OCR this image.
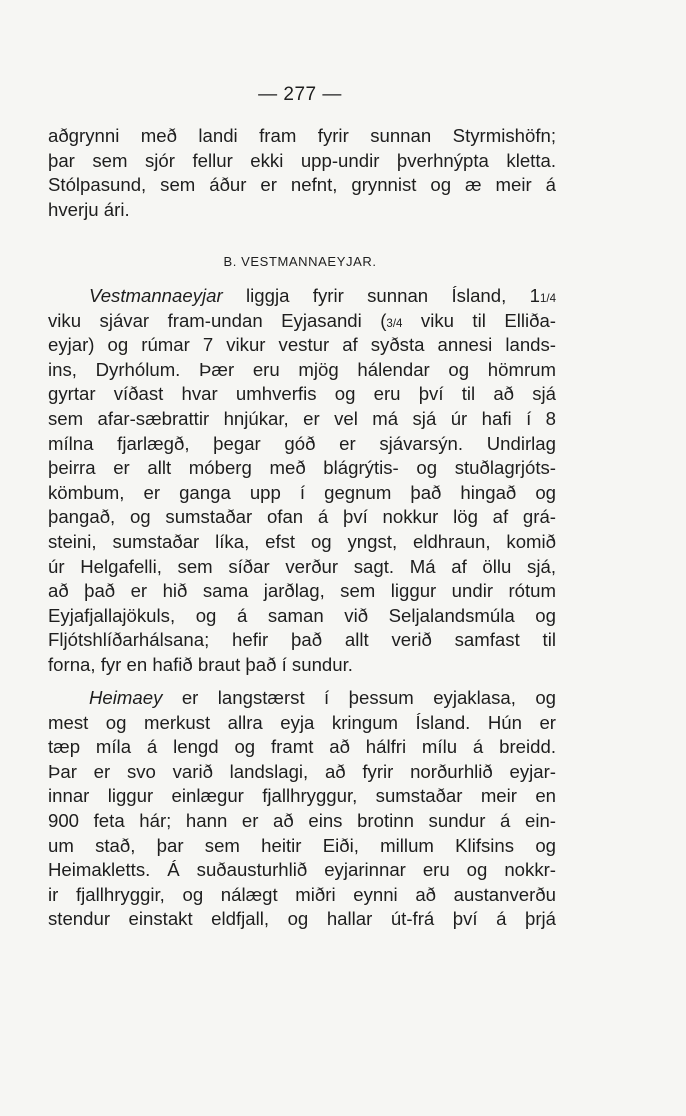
— 277 —
aðgrynni með landi fram fyrir sunnan Styrmishöfn;
þar sem sjór fellur ekki upp-undir þverhnýpta kletta.
Stólpasund, sem áður er nefnt, grynnist og æ meir á
hverju ári.
B. VESTMANNAEYJAR.
Vestmannaeyjar liggja fyrir sunnan Ísland, 11/4
viku sjávar fram-undan Eyjasandi (3/4 viku til Elliða-
eyjar) og rúmar 7 vikur vestur af syðsta annesi lands-
ins, Dyrhólum. Þær eru mjög hálendar og hömrum
gyrtar víðast hvar umhverfis og eru því til að sjá
sem afar-sæbrattir hnjúkar, er vel má sjá úr hafi í 8
mílna fjarlægð, þegar góð er sjávarsýn. Undirlag
þeirra er allt móberg með blágrýtis- og stuðlagrjóts-
kömbum, er ganga upp í gegnum það hingað og
þangað, og sumstaðar ofan á því nokkur lög af grá-
steini, sumstaðar líka, efst og yngst, eldhraun, komið
úr Helgafelli, sem síðar verður sagt. Má af öllu sjá,
að það er hið sama jarðlag, sem liggur undir rótum
Eyjafjallajökuls, og á saman við Seljalandsmúla og
Fljótshlíðarhálsana; hefir það allt verið samfast til
forna, fyr en hafið braut það í sundur.
Heimaey er langstærst í þessum eyjaklasa, og
mest og merkust allra eyja kringum Ísland. Hún er
tæp míla á lengd og framt að hálfri mílu á breidd.
Þar er svo varið landslagi, að fyrir norðurhlið eyjar-
innar liggur einlægur fjallhryggur, sumstaðar meir en
900 feta hár; hann er að eins brotinn sundur á ein-
um stað, þar sem heitir Eiði, millum Klifsins og
Heimakletts. Á suðausturhlið eyjarinnar eru og nokkr-
ir fjallhryggir, og nálægt miðri eynni að austanverðu
stendur einstakt eldfjall, og hallar út-frá því á þrjá
